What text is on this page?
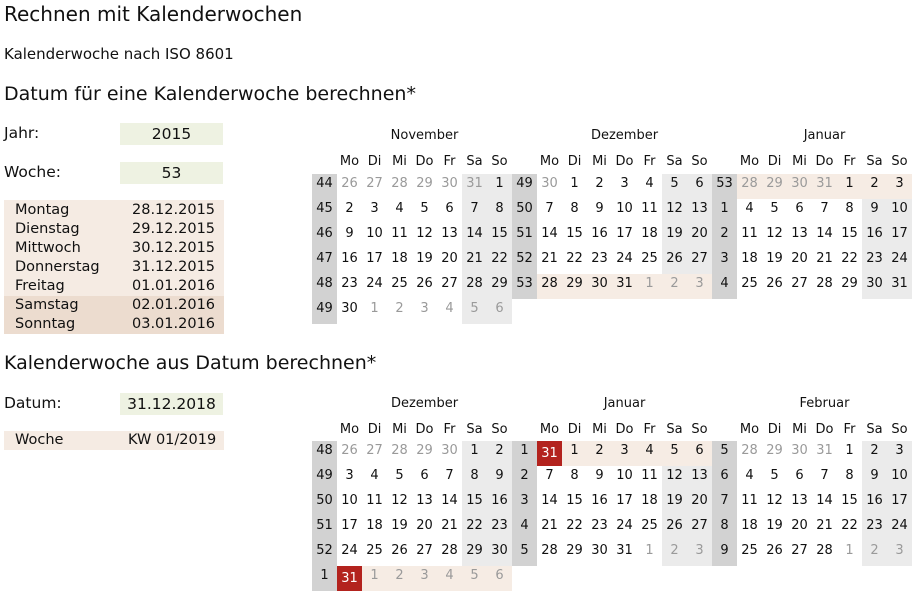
Rechnen mit Kalenderwochen
Kalenderwoche nach ISO 8601
Datum für eine Kalenderwoche berechnen*
Jahr:	2015
Woche:	53
Montag	28.12.2015
Dienstag	29.12.2015
Mittwoch	30.12.2015
Donnerstag 31.12.2015
Freitag	01.01.2016
Samstag	02.01.2016
Sonntag	03.01.2016
Kalenderwoche aus Datum berechnen*
Datum:	31.12.2018
Woche	KW 01/2019
November
Mo Di Mi Do Fr Sa So
44 26 27 28 29 30 31 1
45 2	3	4	5	6	7	8
46 9 10 11 12 13 14 15
47 16 17 18 19 20 21 22
48 23 24 25 26 27 28 29
49 30 1	2	3	4	5	6
Dezember
Mo Di Mi Do Fr Sa So
49 30 1	2	3	4	5	6
50 7	8	9 10 11 12 13
51 14 15 16 17 18 19 20
52 21 22 23 24 25 26 27
53 28 29 30 31 1	2	3
Januar
Mo Di Mi Do Fr Sa So
53 28 29 30 31 1	2	3
1	4	5	6	7	8	9 10
2 11 12 13 14 15 16 17
3 18 19 20 21 22 23 24
4 25 26 27 28 29 30 31
Dezember
Mo Di Mi Do Fr Sa So
48 26 27 28 29 30 1	2
49 3	4	5	6	7	8	9
50 10 11 12 13 14 15 16
51 17 18 19 20 21 22 23
52 24 25 26 27 28 29 30
1 31 1	2	3	4	5	6
Januar
Mo Di Mi Do Fr Sa So
1 31 1	2	3	4	5	6
2	7	8	9 10 11 12 13
3 14 15 16 17 18 19 20
4 21 22 23 24 25 26 27
5 28 29 30 31 1	2	3
Februar
Mo Di Mi Do Fr Sa So
5 28 29 30 31 1	2	3
6	4	5	6	7	8	9 10
7 11 12 13 14 15 16 17
8 18 19 20 21 22 23 24
9 25 26 27 28 1	2	3
